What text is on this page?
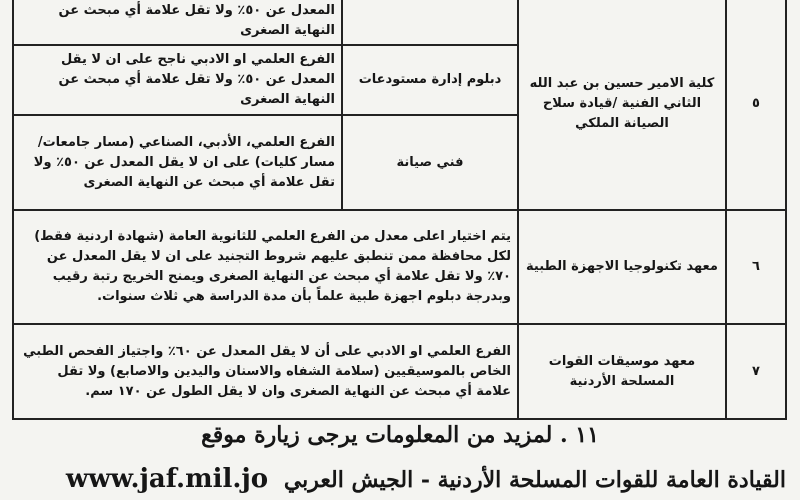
٥	كلية الامير حسين بن عبد الله الثاني الفنية /قيادة سلاح الصيانة الملكي		المعدل عن ٥٠٪ ولا تقل علامة أي مبحث عن النهاية الصغرى
		دبلوم إدارة مستودعات	الفرع العلمي او الادبي ناجح على ان لا يقل المعدل عن ٥٠٪ ولا تقل علامة أي مبحث عن النهاية الصغرى
		فني صيانة	الفرع العلمي، الأدبي، الصناعي (مسار جامعات/مسار كليات) على ان لا يقل المعدل عن ٥٠٪ ولا تقل علامة أي مبحث عن النهاية الصغرى
٦	معهد تكنولوجيا الاجهزة الطبية	يتم اختيار اعلى معدل من الفرع العلمي للثانوية العامة (شهادة اردنية فقط) لكل محافظة ممن تنطبق عليهم شروط التجنيد على ان لا يقل المعدل عن ٧٠٪ ولا تقل علامة أي مبحث عن النهاية الصغرى ويمنح الخريج رتبة رقيب وبدرجة دبلوم اجهزة طبية علماً بأن مدة الدراسة هي ثلاث سنوات.	
٧	معهد موسيقات القوات المسلحة الأردنية	الفرع العلمي او الادبي على أن لا يقل المعدل عن ٦٠٪ واجتياز الفحص الطبي الخاص بالموسيقيين (سلامة الشفاه والاسنان واليدين والاصابع) ولا تقل علامة أي مبحث عن النهاية الصغرى وان لا يقل الطول عن ١٧٠ سم.	
١١ . لمزيد من المعلومات يرجى زيارة موقع
القيادة العامة للقوات المسلحة الأردنية - الجيش العربي www.jaf.mil.jo
